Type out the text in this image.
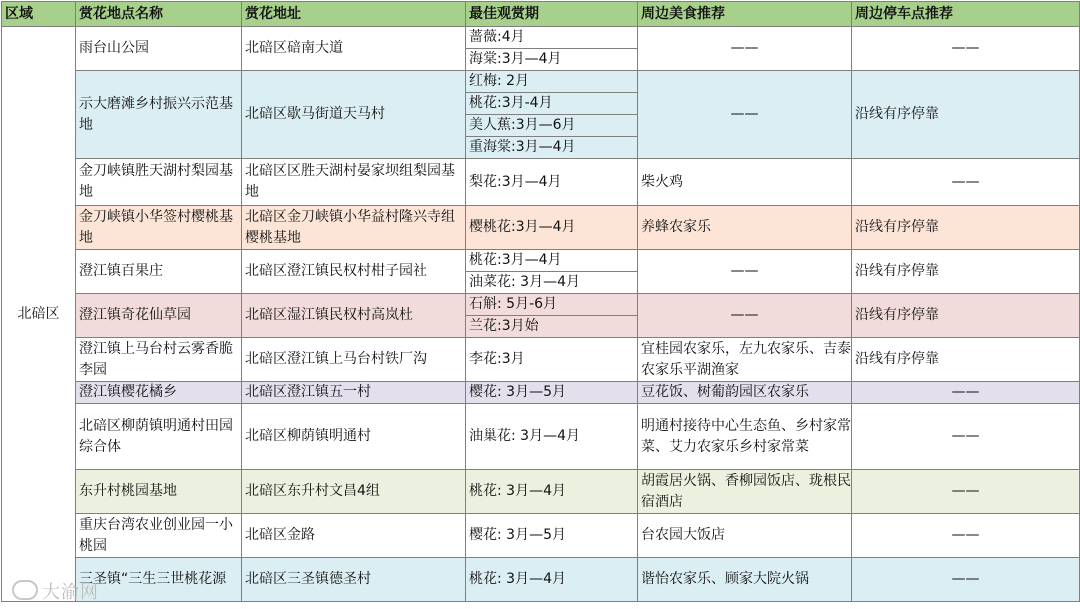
区域	赏花地点名称	赏花地址	最佳观赏期	周边美食推荐	周边停车点推荐
北碚区	雨台山公园	北碚区碚南大道	蔷薇:4月	——	——
			海棠:3月—4月		
	示大磨滩乡村振兴示范基地	北碚区歇马街道天马村	红梅: 2月	——	沿线有序停靠
			桃花:3月-4月		
			美人蕉:3月—6月		
			重海棠:3月—4月		
	金刀峡镇胜天湖村梨园基地	北碚区区胜天湖村晏家坝组梨园基地	梨花:3月—4月	柴火鸡	——
	金刀峡镇小华签村樱桃基地	北碚区金刀峡镇小华益村隆兴寺组樱桃基地	樱桃花:3月—4月	养蜂农家乐	沿线有序停靠
	澄江镇百果庄	北碚区澄江镇民权村柑子园社	桃花:3月—4月	——	沿线有序停靠
			油菜花: 3月—4月		
	澄江镇奇花仙草园	北碚区湿江镇民权村高岚杜	石斛: 5月-6月	——	沿线有序停靠
			兰花:3月始		
	澄江镇上马台村云雾香脆李园	北碚区澄江镇上马台村铁厂沟	李花:3月	宜桂园农家乐，左九农家乐、吉泰农家乐平湖渔家	沿线有序停靠
	澄江镇樱花橘乡	北碚区澄江镇五一村	樱花: 3月—5月	豆花饭、树葡韵园区农家乐	——
	北碚区柳荫镇明通村田园综合体	北碚区柳荫镇明通村	油巢花: 3月—4月	明通村接待中心生态鱼、乡村家常菜、艾力农家乐乡村家常菜	——
	东升村桃园基地	北碚区东升村文昌4组	桃花: 3月—4月	胡霞居火锅、香柳园饭店、珑根民宿酒店	——
	重庆台湾农业创业园一小桃园	北碚区金路	樱花: 3月—5月	台农园大饭店	——
	三圣镇“三生三世桃花源	北碚区三圣镇德圣村	桃花: 3月—4月	谐怡农家乐、顾家大院火锅	——
大渝网
